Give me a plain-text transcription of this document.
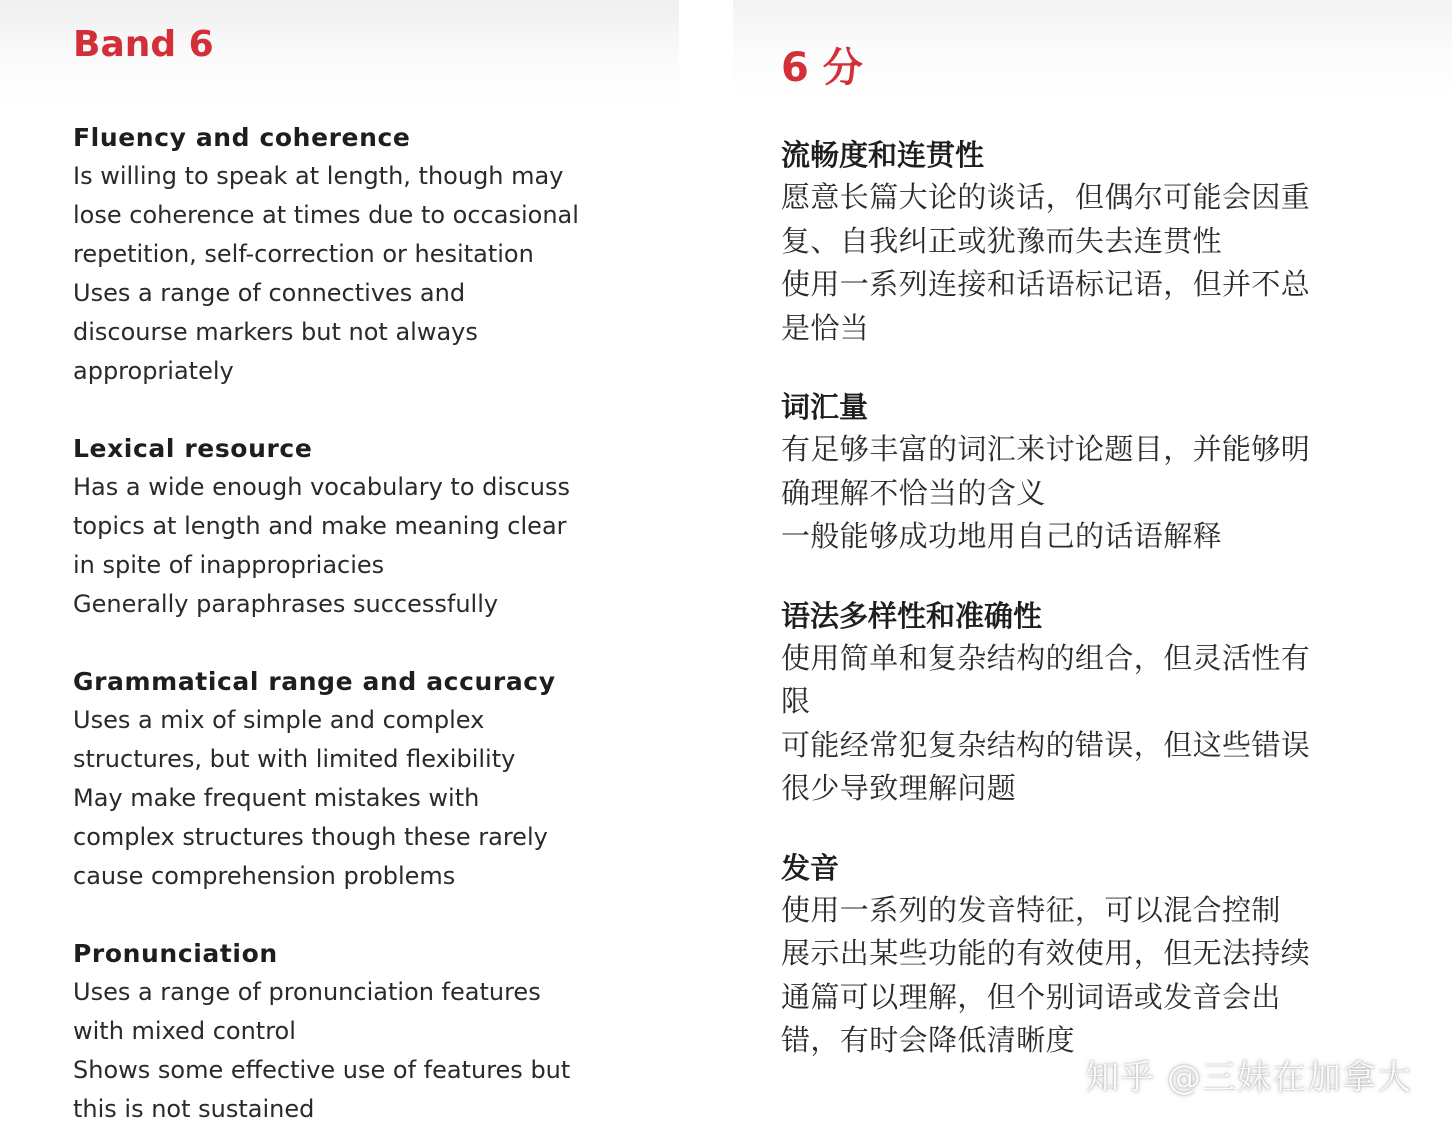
Band 6
Fluency and coherence
Is willing to speak at length, though may
lose coherence at times due to occasional
repetition, self-correction or hesitation
Uses a range of connectives and
discourse markers but not always
appropriately
Lexical resource
Has a wide enough vocabulary to discuss
topics at length and make meaning clear
in spite of inappropriacies
Generally paraphrases successfully
Grammatical range and accuracy
Uses a mix of simple and complex
structures, but with limited flexibility
May make frequent mistakes with
complex structures though these rarely
cause comprehension problems
Pronunciation
Uses a range of pronunciation features
with mixed control
Shows some effective use of features but
this is not sustained
6 分
流畅度和连贯性
愿意长篇大论的谈话，但偶尔可能会因重
复、自我纠正或犹豫而失去连贯性
使用一系列连接和话语标记语，但并不总
是恰当
词汇量
有足够丰富的词汇来讨论题目，并能够明
确理解不恰当的含义
一般能够成功地用自己的话语解释
语法多样性和准确性
使用简单和复杂结构的组合，但灵活性有
限
可能经常犯复杂结构的错误，但这些错误
很少导致理解问题
发音
使用一系列的发音特征，可以混合控制
展示出某些功能的有效使用，但无法持续
通篇可以理解，但个别词语或发音会出
错，有时会降低清晰度
知乎 @三妹在加拿大
